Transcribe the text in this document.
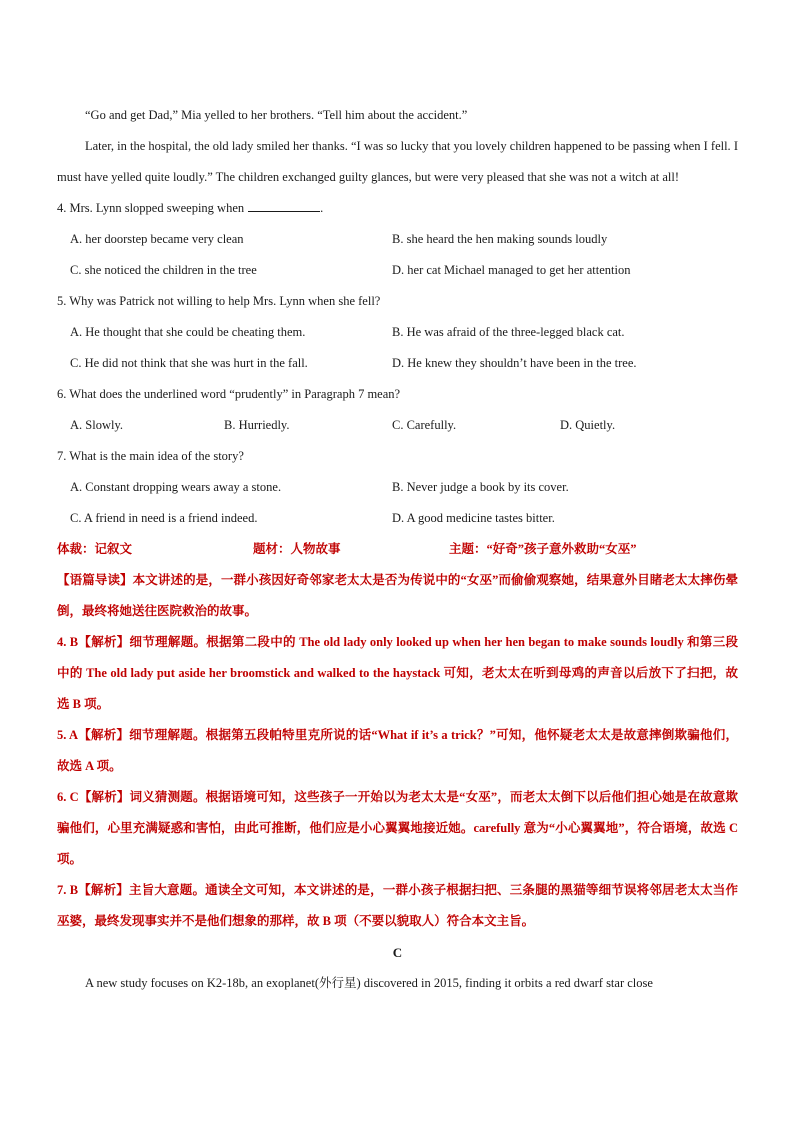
“Go and get Dad,” Mia yelled to her brothers. “Tell him about the accident.”

Later, in the hospital, the old lady smiled her thanks. “I was so lucky that you lovely children happened to be passing when I fell. I must have yelled quite loudly.” The children exchanged guilty glances, but were very pleased that she was not a witch at all!

4. Mrs. Lynn slopped sweeping when	.

A. her doorstep became very clean	B. she heard the hen making sounds loudly
C. she noticed the children in the tree	D. her cat Michael managed to get her attention

5. Why was Patrick not willing to help Mrs. Lynn when she fell?

A. He thought that she could be cheating them.	B. He was afraid of the three-legged black cat.
C. He did not think that she was hurt in the fall.	D. He knew they shouldn’t have been in the tree.

6. What does the underlined word “prudently” in Paragraph 7 mean?

A. Slowly.	B. Hurriedly.	C. Carefully.	D. Quietly.

7. What is the main idea of the story?

A. Constant dropping wears away a stone.	B. Never judge a book by its cover.
C. A friend in need is a friend indeed.	D. A good medicine tastes bitter.
体裁：记叙文	题材：人物故事	主题：“好奇”孩子意外救助“女巫”

【语篇导读】本文讲述的是，一群小孩因好奇邻家老太太是否为传说中的“女巫”而偷偷观察她，结果意外目睹老太太摔伤晕倒，最终将她送往医院救治的故事。

4. B【解析】细节理解题。根据第二段中的 The old lady only looked up when her hen began to make sounds loudly 和第三段中的 The old lady put aside her broomstick and walked to the haystack 可知，老太太在听到母鸡的声音以后放下了扫把，故选 B 项。

5. A【解析】细节理解题。根据第五段帕特里克所说的话“What if it’s a trick？”可知，他怀疑老太太是故意摔倒欺骗他们，故选 A 项。

6. C【解析】词义猜测题。根据语境可知，这些孩子一开始以为老太太是“女巫”，而老太太倒下以后他们担心她是在故意欺骗他们，心里充满疑惑和害怕，由此可推断，他们应是小心翼翼地接近她。carefully 意为“小心翼翼地”，符合语境，故选 C 项。

7. B【解析】主旨大意题。通读全文可知，本文讲述的是，一群小孩子根据扫把、三条腿的黑猫等细节误将邻居老太太当作巫婆，最终发现事实并不是他们想象的那样，故 B 项（不要以貌取人）符合本文主旨。

C

A new study focuses on K2-18b, an exoplanet(外行星) discovered in 2015, finding it orbits a red dwarf star close
